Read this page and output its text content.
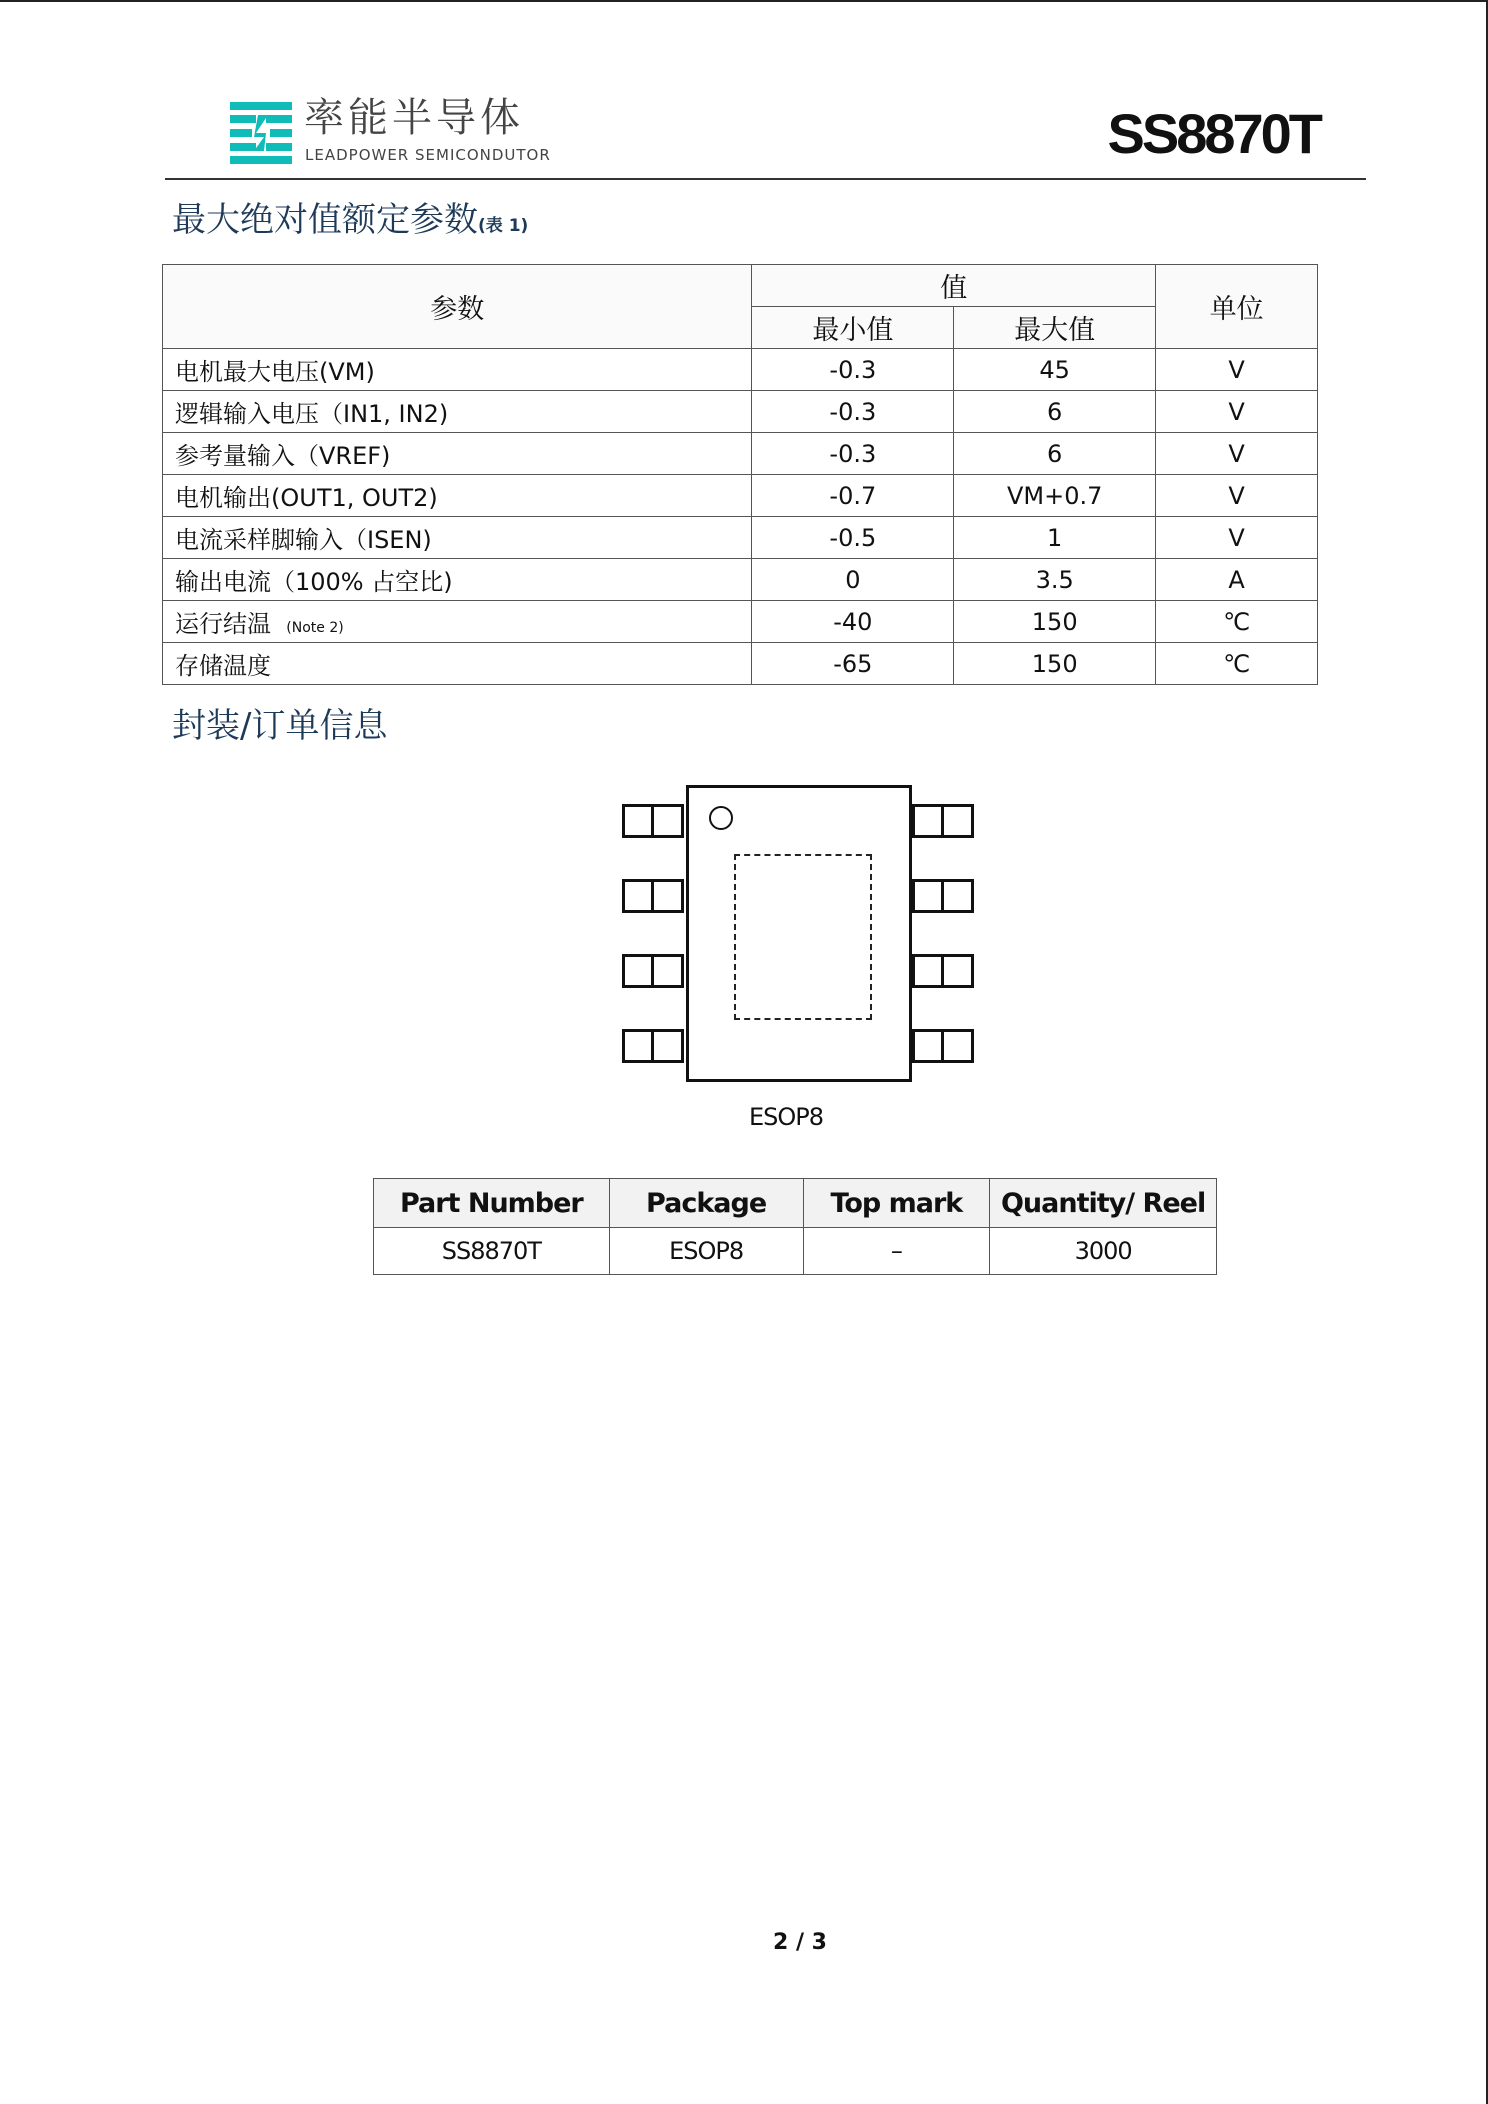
率能半导体
LEADPOWER SEMICONDUTOR	SS8870T
最大绝对值额定参数(表 1)
参数	值		单位
	最小值	最大值	
电机最大电压(VM)	-0.3	45	V
逻辑输入电压（IN1, IN2)	-0.3	6	V
参考量输入（VREF)	-0.3	6	V
电机输出(OUT1, OUT2)	-0.7	VM+0.7	V
电流采样脚输入（ISEN)	-0.5	1	V
输出电流（100% 占空比)	0	3.5	A
运行结温 (Note 2)	-40	150	℃
存储温度	-65	150	℃
封装/订单信息
ESOP8
Part Number	Package	Top mark	Quantity/ Reel
SS8870T	ESOP8	–	3000
2 / 3
